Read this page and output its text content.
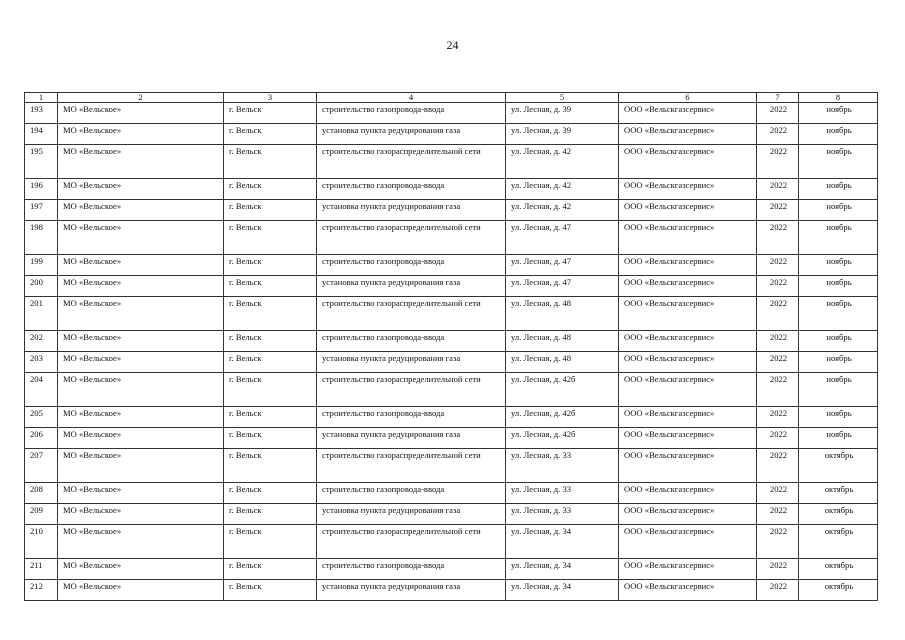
24
1	2	3	4	5	6	7	8
193	МО «Вельское»	г. Вельск	строительство газопровода-ввода	ул. Лесная, д. 39	ООО «Вельскгазсервис»	2022	ноябрь
194	МО «Вельское»	г. Вельск	установка пункта редуцирования газа	ул. Лесная, д. 39	ООО «Вельскгазсервис»	2022	ноябрь
195	МО «Вельское»	г. Вельск	строительство газораспределительной сети	ул. Лесная, д. 42	ООО «Вельскгазсервис»	2022	ноябрь
196	МО «Вельское»	г. Вельск	строительство газопровода-ввода	ул. Лесная, д. 42	ООО «Вельскгазсервис»	2022	ноябрь
197	МО «Вельское»	г. Вельск	установка пункта редуцирования газа	ул. Лесная, д. 42	ООО «Вельскгазсервис»	2022	ноябрь
198	МО «Вельское»	г. Вельск	строительство газораспределительной сети	ул. Лесная, д. 47	ООО «Вельскгазсервис»	2022	ноябрь
199	МО «Вельское»	г. Вельск	строительство газопровода-ввода	ул. Лесная, д. 47	ООО «Вельскгазсервис»	2022	ноябрь
200	МО «Вельское»	г. Вельск	установка пункта редуцирования газа	ул. Лесная, д. 47	ООО «Вельскгазсервис»	2022	ноябрь
201	МО «Вельское»	г. Вельск	строительство газораспределительной сети	ул. Лесная, д. 48	ООО «Вельскгазсервис»	2022	ноябрь
202	МО «Вельское»	г. Вельск	строительство газопровода-ввода	ул. Лесная, д. 48	ООО «Вельскгазсервис»	2022	ноябрь
203	МО «Вельское»	г. Вельск	установка пункта редуцирования газа	ул. Лесная, д. 48	ООО «Вельскгазсервис»	2022	ноябрь
204	МО «Вельское»	г. Вельск	строительство газораспределительной сети	ул. Лесная, д. 42б	ООО «Вельскгазсервис»	2022	ноябрь
205	МО «Вельское»	г. Вельск	строительство газопровода-ввода	ул. Лесная, д. 42б	ООО «Вельскгазсервис»	2022	ноябрь
206	МО «Вельское»	г. Вельск	установка пункта редуцирования газа	ул. Лесная, д. 42б	ООО «Вельскгазсервис»	2022	ноябрь
207	МО «Вельское»	г. Вельск	строительство газораспределительной сети	ул. Лесная, д. 33	ООО «Вельскгазсервис»	2022	октябрь
208	МО «Вельское»	г. Вельск	строительство газопровода-ввода	ул. Лесная, д. 33	ООО «Вельскгазсервис»	2022	октябрь
209	МО «Вельское»	г. Вельск	установка пункта редуцирования газа	ул. Лесная, д. 33	ООО «Вельскгазсервис»	2022	октябрь
210	МО «Вельское»	г. Вельск	строительство газораспределительной сети	ул. Лесная, д. 34	ООО «Вельскгазсервис»	2022	октябрь
211	МО «Вельское»	г. Вельск	строительство газопровода-ввода	ул. Лесная, д. 34	ООО «Вельскгазсервис»	2022	октябрь
212	МО «Вельское»	г. Вельск	установка пункта редуцирования газа	ул. Лесная, д. 34	ООО «Вельскгазсервис»	2022	октябрь
